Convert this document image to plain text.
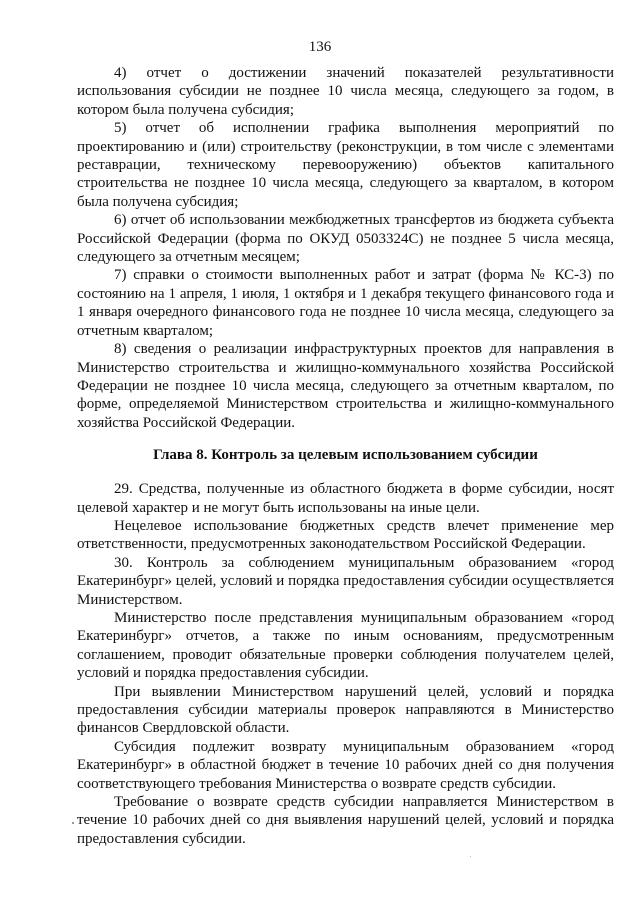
136

4) отчет о достижении значений показателей результативности использования субсидии не позднее 10 числа месяца, следующего за годом, в котором была получена субсидия;

5) отчет об исполнении графика выполнения мероприятий по проектированию и (или) строительству (реконструкции, в том числе с элементами реставрации, техническому перевооружению) объектов капитального строительства не позднее 10 числа месяца, следующего за кварталом, в котором была получена субсидия;

6) отчет об использовании межбюджетных трансфертов из бюджета субъекта Российской Федерации (форма по ОКУД 0503324С) не позднее 5 числа месяца, следующего за отчетным месяцем;

7) справки о стоимости выполненных работ и затрат (форма № КС-3) по состоянию на 1 апреля, 1 июля, 1 октября и 1 декабря текущего финансового года и 1 января очередного финансового года не позднее 10 числа месяца, следующего за отчетным кварталом;

8) сведения о реализации инфраструктурных проектов для направления в Министерство строительства и жилищно-коммунального хозяйства Российской Федерации не позднее 10 числа месяца, следующего за отчетным кварталом, по форме, определяемой Министерством строительства и жилищно-коммунального хозяйства Российской Федерации.

Глава 8. Контроль за целевым использованием субсидии

29. Средства, полученные из областного бюджета в форме субсидии, носят целевой характер и не могут быть использованы на иные цели.

Нецелевое использование бюджетных средств влечет применение мер ответственности, предусмотренных законодательством Российской Федерации.

30. Контроль за соблюдением муниципальным образованием «город Екатеринбург» целей, условий и порядка предоставления субсидии осуществляется Министерством.

Министерство после представления муниципальным образованием «город Екатеринбург» отчетов, а также по иным основаниям, предусмотренным соглашением, проводит обязательные проверки соблюдения получателем целей, условий и порядка предоставления субсидии.

При выявлении Министерством нарушений целей, условий и порядка предоставления субсидии материалы проверок направляются в Министерство финансов Свердловской области.

Субсидия подлежит возврату муниципальным образованием «город Екатеринбург» в областной бюджет в течение 10 рабочих дней со дня получения соответствующего требования Министерства о возврате средств субсидии.

Требование о возврате средств субсидии направляется Министерством в течение 10 рабочих дней со дня выявления нарушений целей, условий и порядка предоставления субсидии.
